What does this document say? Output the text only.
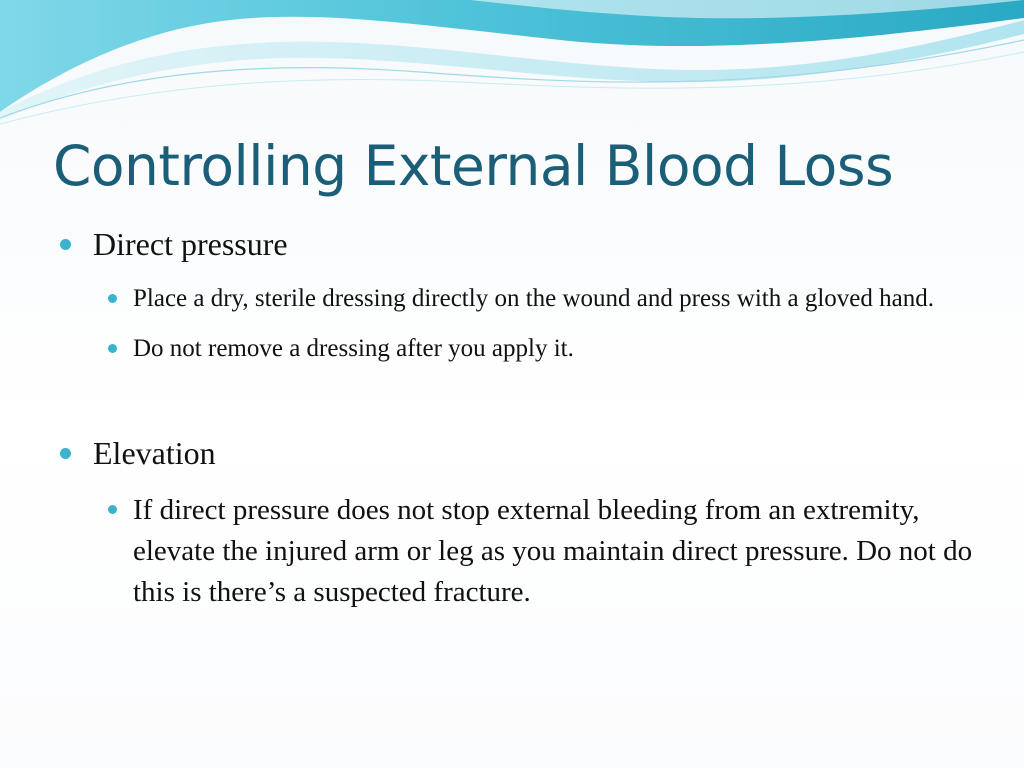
Controlling External Blood Loss
Direct pressure
Place a dry, sterile dressing directly on the wound and press with a gloved hand.
Do not remove a dressing after you apply it.
Elevation
If direct pressure does not stop external bleeding from an extremity, elevate the injured arm or leg as you maintain direct pressure. Do not do this is there’s a suspected fracture.
